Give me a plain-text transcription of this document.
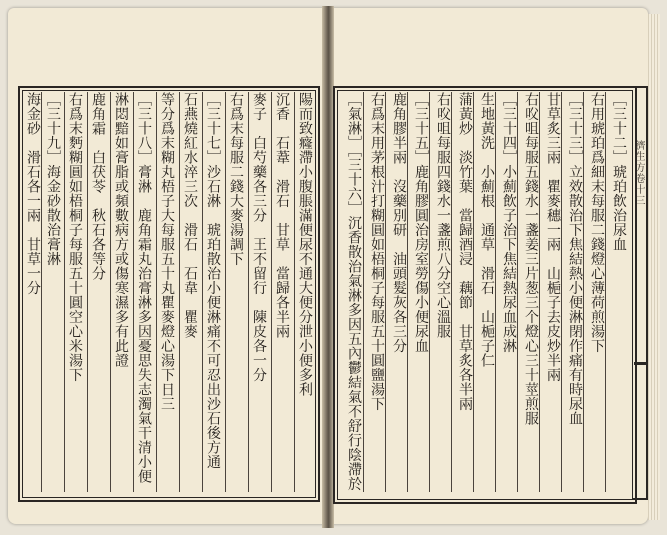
濟生方卷十三
陽而致癃滯小腹脹滿便尿不通大便分泄小便多利
沉香　石葦　滑石　甘草　當歸各半兩
麥子　白芍藥各三分　王不留行　陳皮各一分
右爲末每服二錢大麥湯調下
［三十七］沙石淋　琥珀散治小便淋痛不可忍出沙石後方通
石燕燒紅水淬三次　滑石　石韋　瞿麥
等分爲末糊丸梧子大每服五十丸瞿麥燈心湯下日三
［三十八］膏淋　鹿角霜丸治膏淋多因憂思失志濁氣干清小便
淋悶黯如膏脂或頻數病方或傷寒濕多有此證
鹿角霜　白茯苓　秋石各等分
右爲末麪糊圓如梧桐子每服五十圓空心米湯下
［三十九］海金砂散治膏淋
海金砂　滑石各一兩　甘草一分	［三十二］琥珀飲治尿血
右用琥珀爲細末每服二錢燈心薄荷煎湯下
［三十三］立效散治下焦結熱小便淋閉作痛有時尿血
甘草炙三兩　瞿麥穗一兩　山梔子去皮炒半兩
右㕮咀每服五錢水一盞姜三片葱三个燈心三十莖煎服
［三十四］小薊飲子治下焦結熱尿血成淋
生地黃洗　小薊根　通草　滑石　山梔子仁
蒲黃炒　淡竹葉　當歸酒浸　藕節　甘草炙各半兩
右㕮咀每服四錢水一盞煎八分空心溫服
［三十五］鹿角膠圓治房室勞傷小便尿血
鹿角膠半兩　沒藥別研　油頭髮灰各三分
右爲末用茅根汁打糊圓如梧桐子每服五十圓鹽湯下
［氣淋］［三十六］沉香散治氣淋多因五內鬱結氣不舒行陰滯於
